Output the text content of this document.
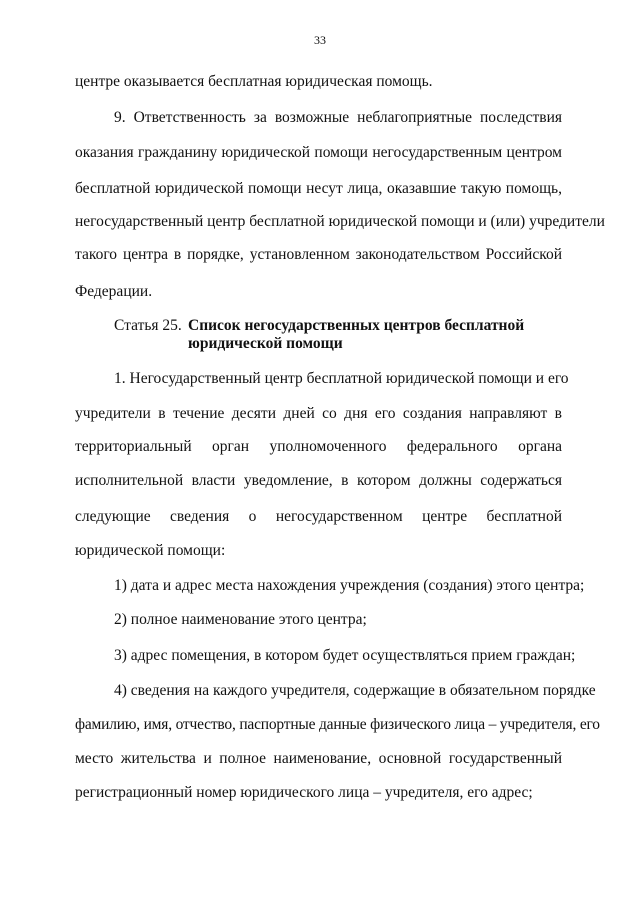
33
центре оказывается бесплатная юридическая помощь.
9. Ответственность за возможные неблагоприятные последствия
оказания гражданину юридической помощи негосударственным центром
бесплатной юридической помощи несут лица, оказавшие такую помощь,
негосударственный центр бесплатной юридической помощи и (или) учредители
такого центра в порядке, установленном законодательством Российской
Федерации.
Статья 25. Список негосударственных центров бесплатной
юридической помощи
1. Негосударственный центр бесплатной юридической помощи и его
учредители в течение десяти дней со дня его создания направляют в
территориальный орган уполномоченного федерального органа
исполнительной власти уведомление, в котором должны содержаться
следующие сведения о негосударственном центре бесплатной
юридической помощи:
1) дата и адрес места нахождения учреждения (создания) этого центра;
2) полное наименование этого центра;
3) адрес помещения, в котором будет осуществляться прием граждан;
4) сведения на каждого учредителя, содержащие в обязательном порядке
фамилию, имя, отчество, паспортные данные физического лица – учредителя, его
место жительства и полное наименование, основной государственный
регистрационный номер юридического лица – учредителя, его адрес;
